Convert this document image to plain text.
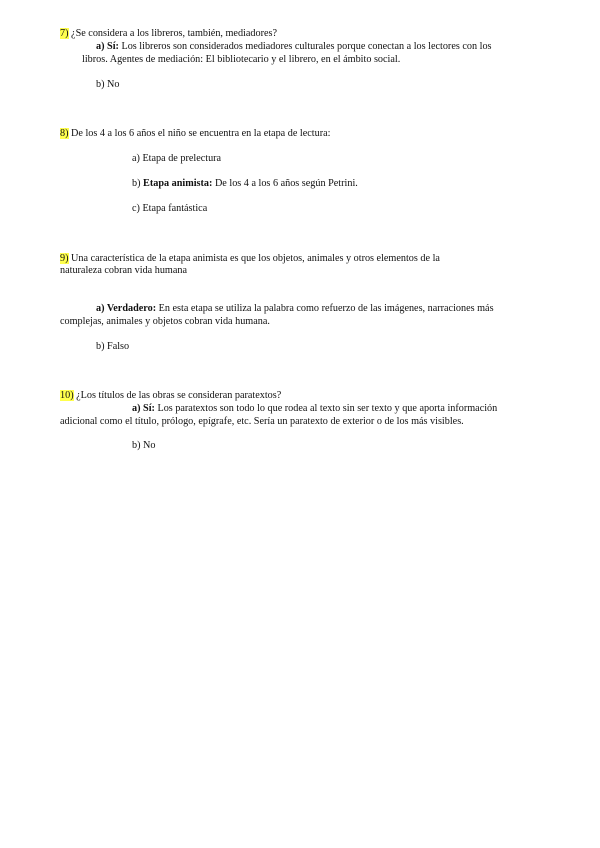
7) ¿Se considera a los libreros, también, mediadores?
a) Sí: Los libreros son considerados mediadores culturales porque conectan a los lectores con los
libros. Agentes de mediación: El bibliotecario y el librero, en el ámbito social.
b) No
8) De los 4 a los 6 años el niño se encuentra en la etapa de lectura:
a) Etapa de prelectura
b) Etapa animista: De los 4 a los 6 años según Petrini.
c) Etapa fantástica
9) Una característica de la etapa animista es que los objetos, animales y otros elementos de la
naturaleza cobran vida humana
a) Verdadero: En esta etapa se utiliza la palabra como refuerzo de las imágenes, narraciones más
complejas, animales y objetos cobran vida humana.
b) Falso
10) ¿Los títulos de las obras se consideran paratextos?
a) Sí: Los paratextos son todo lo que rodea al texto sin ser texto y que aporta información
adicional como el título, prólogo, epígrafe, etc. Sería un paratexto de exterior o de los más visibles.
b) No
